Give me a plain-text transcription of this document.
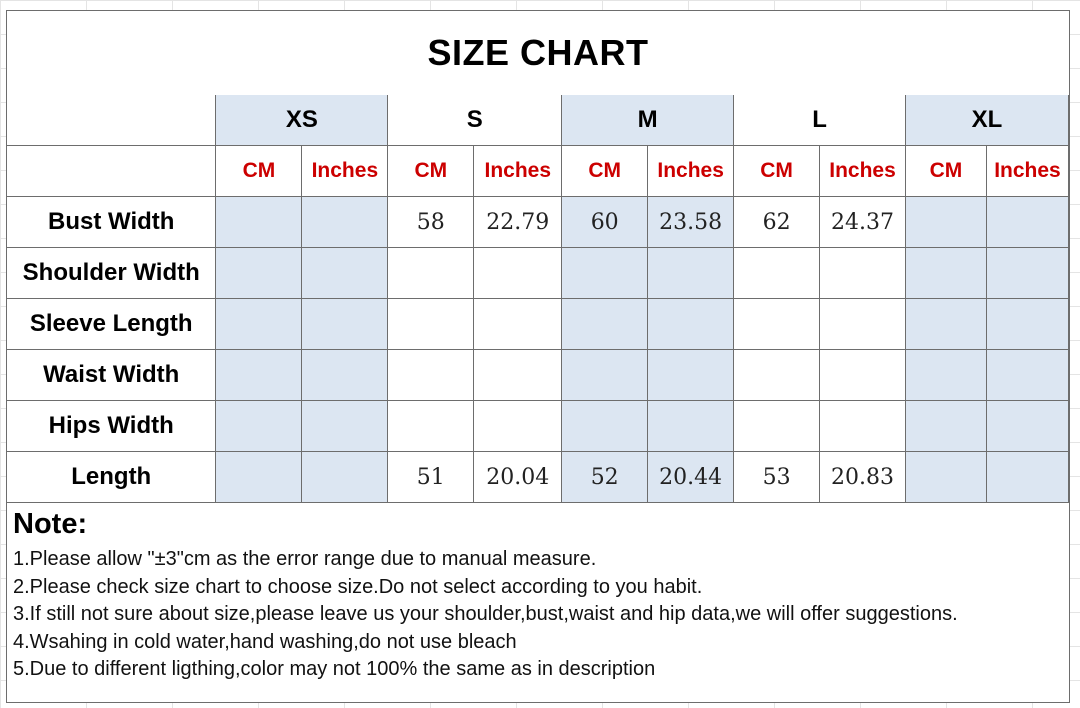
SIZE CHART
	XS		S		M		L		XL	
	CM	Inches	CM	Inches	CM	Inches	CM	Inches	CM	Inches
Bust Width			58	22.79	60	23.58	62	24.37		
Shoulder Width										
Sleeve Length										
Waist Width										
Hips Width										
Length			51	20.04	52	20.44	53	20.83		
Note:
1.Please allow "±3"cm as the error range due to manual measure.
2.Please check size chart to choose size.Do not select according to you habit.
3.If still not sure about size,please leave us your shoulder,bust,waist and hip data,we will offer suggestions.
4.Wsahing in cold water,hand washing,do not use bleach
5.Due to different ligthing,color may not 100% the same as in description
